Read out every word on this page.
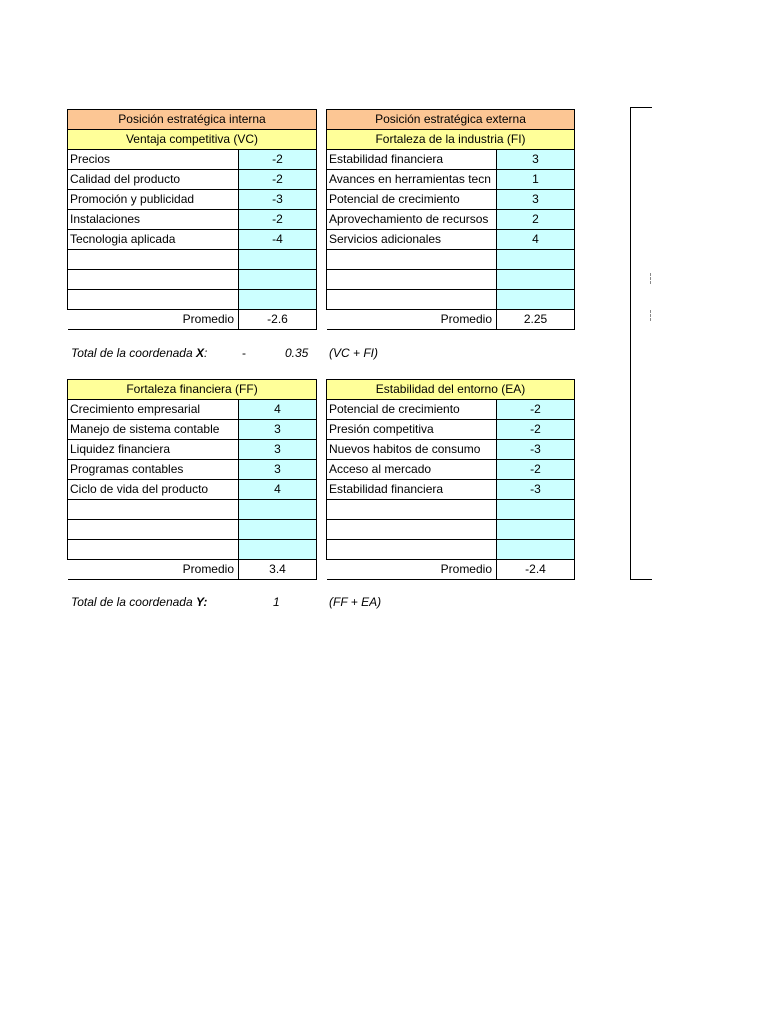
Posición estratégica interna	
Ventaja competitiva (VC)	
Precios	-2
Calidad del producto	-2
Promoción y publicidad	-3
Instalaciones	-2
Tecnologia aplicada	-4

Promedio	-2.6
Posición estratégica externa	
Fortaleza de la industria (FI)	
Estabilidad financiera	3
Avances en herramientas tecn	1
Potencial de crecimiento	3
Aprovechamiento de recursos	2
Servicios adicionales	4

Promedio	2.25
Total de la coordenada X:	-	0.35 (VC + FI)
Fortaleza financiera (FF)	
Crecimiento empresarial	4
Manejo de sistema contable	3
Liquidez financiera	3
Programas contables	3
Ciclo de vida del producto	4

Promedio	3.4
Estabilidad del entorno (EA)	
Potencial de crecimiento	-2
Presión competitiva	-2
Nuevos habitos de consumo	-3
Acceso al mercado	-2
Estabilidad financiera	-3

Promedio	-2.4
Total de la coordenada Y:	1	(FF + EA)
